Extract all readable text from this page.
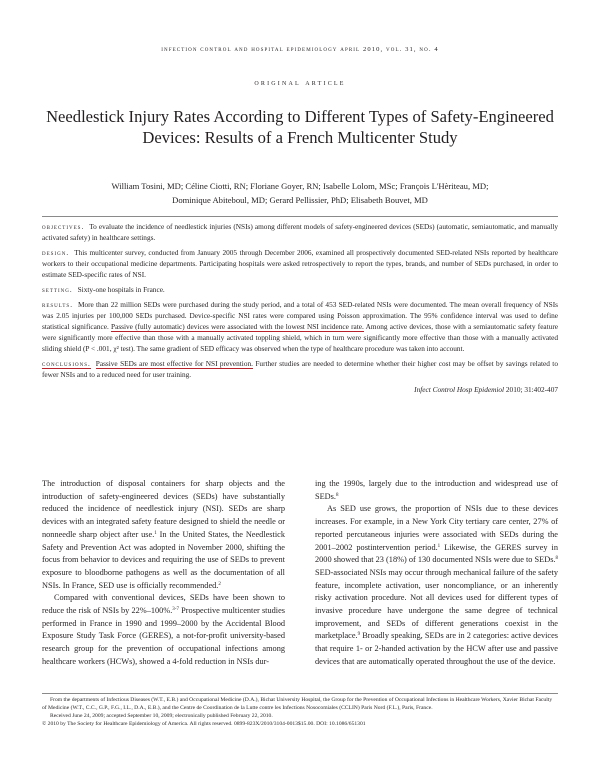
infection control and hospital epidemiology april 2010, vol. 31, no. 4
original article
Needlestick Injury Rates According to Different Types of Safety-Engineered Devices: Results of a French Multicenter Study
William Tosini, MD; Céline Ciotti, RN; Floriane Goyer, RN; Isabelle Lolom, MSc; François L'Hèriteau, MD;
Dominique Abiteboul, MD; Gerard Pellissier, PhD; Elisabeth Bouvet, MD

objectives. To evaluate the incidence of needlestick injuries (NSIs) among different models of safety-engineered devices (SEDs) (automatic, semiautomatic, and manually activated safety) in healthcare settings.

design. This multicenter survey, conducted from January 2005 through December 2006, examined all prospectively documented SED-related NSIs reported by healthcare workers to their occupational medicine departments. Participating hospitals were asked retrospectively to report the types, brands, and number of SEDs purchased, in order to estimate SED-specific rates of NSI.

setting. Sixty-one hospitals in France.

results. More than 22 million SEDs were purchased during the study period, and a total of 453 SED-related NSIs were documented. The mean overall frequency of NSIs was 2.05 injuries per 100,000 SEDs purchased. Device-specific NSI rates were compared using Poisson approximation. The 95% confidence interval was used to define statistical significance. Passive (fully automatic) devices were associated with the lowest NSI incidence rate. Among active devices, those with a semiautomatic safety feature were significantly more effective than those with a manually activated toppling shield, which in turn were significantly more effective than those with a manually activated sliding shield (P < .001, χ² test). The same gradient of SED efficacy was observed when the type of healthcare procedure was taken into account.

conclusions. Passive SEDs are most effective for NSI prevention. Further studies are needed to determine whether their higher cost may be offset by savings related to fewer NSIs and to a reduced need for user training.

Infect Control Hosp Epidemiol 2010; 31:402-407

The introduction of disposal containers for sharp objects and the introduction of safety-engineered devices (SEDs) have substantially reduced the incidence of needlestick injury (NSI). SEDs are sharp devices with an integrated safety feature designed to shield the needle or nonneedle sharp object after use.$^1$ In the United States, the Needlestick Safety and Prevention Act was adopted in November 2000, shifting the focus from behavior to devices and requiring the use of SEDs to prevent exposure to bloodborne pathogens as well as the documentation of all NSIs. In France, SED use is officially recommended.$^2$

Compared with conventional devices, SEDs have been shown to reduce the risk of NSIs by 22%–100%.$^{3-7}$ Prospective multicenter studies performed in France in 1990 and 1999–2000 by the Accidental Blood Exposure Study Task Force (GERES), a not-for-profit university-based research group for the prevention of occupational infections among healthcare workers (HCWs), showed a 4-fold reduction in NSIs dur-

ing the 1990s, largely due to the introduction and widespread use of SEDs.$^8$

As SED use grows, the proportion of NSIs due to these devices increases. For example, in a New York City tertiary care center, 27% of reported percutaneous injuries were associated with SEDs during the 2001–2002 postintervention period.$^1$ Likewise, the GERES survey in 2000 showed that 23 (18%) of 130 documented NSIs were due to SEDs.$^8$ SED-associated NSIs may occur through mechanical failure of the safety feature, incomplete activation, user noncompliance, or an inherently risky activation procedure. Not all devices used for different types of invasive procedure have undergone the same degree of technical improvement, and SEDs of different generations coexist in the marketplace.$^9$ Broadly speaking, SEDs are in 2 categories: active devices that require 1- or 2-handed activation by the HCW after use and passive devices that are automatically operated throughout the use of the device.

From the departments of Infectious Diseases (W.T., E.B.) and Occupational Medicine (D.A.), Bichat University Hospital, the Group for the Prevention of Occupational Infections in Healthcare Workers, Xavier Bichat Faculty of Medicine (W.T., C.C., G.P., F.G., I.L., D.A., E.B.), and the Centre de Coordination de la Lutte contre les Infections Nosocomiales (CCLIN) Paris Nord (F.L.), Paris, France.

Received June 24, 2009; accepted September 10, 2009; electronically published February 22, 2010.

© 2010 by The Society for Healthcare Epidemiology of America. All rights reserved. 0899-823X/2010/3104-0013$15.00. DOI: 10.1086/651301
